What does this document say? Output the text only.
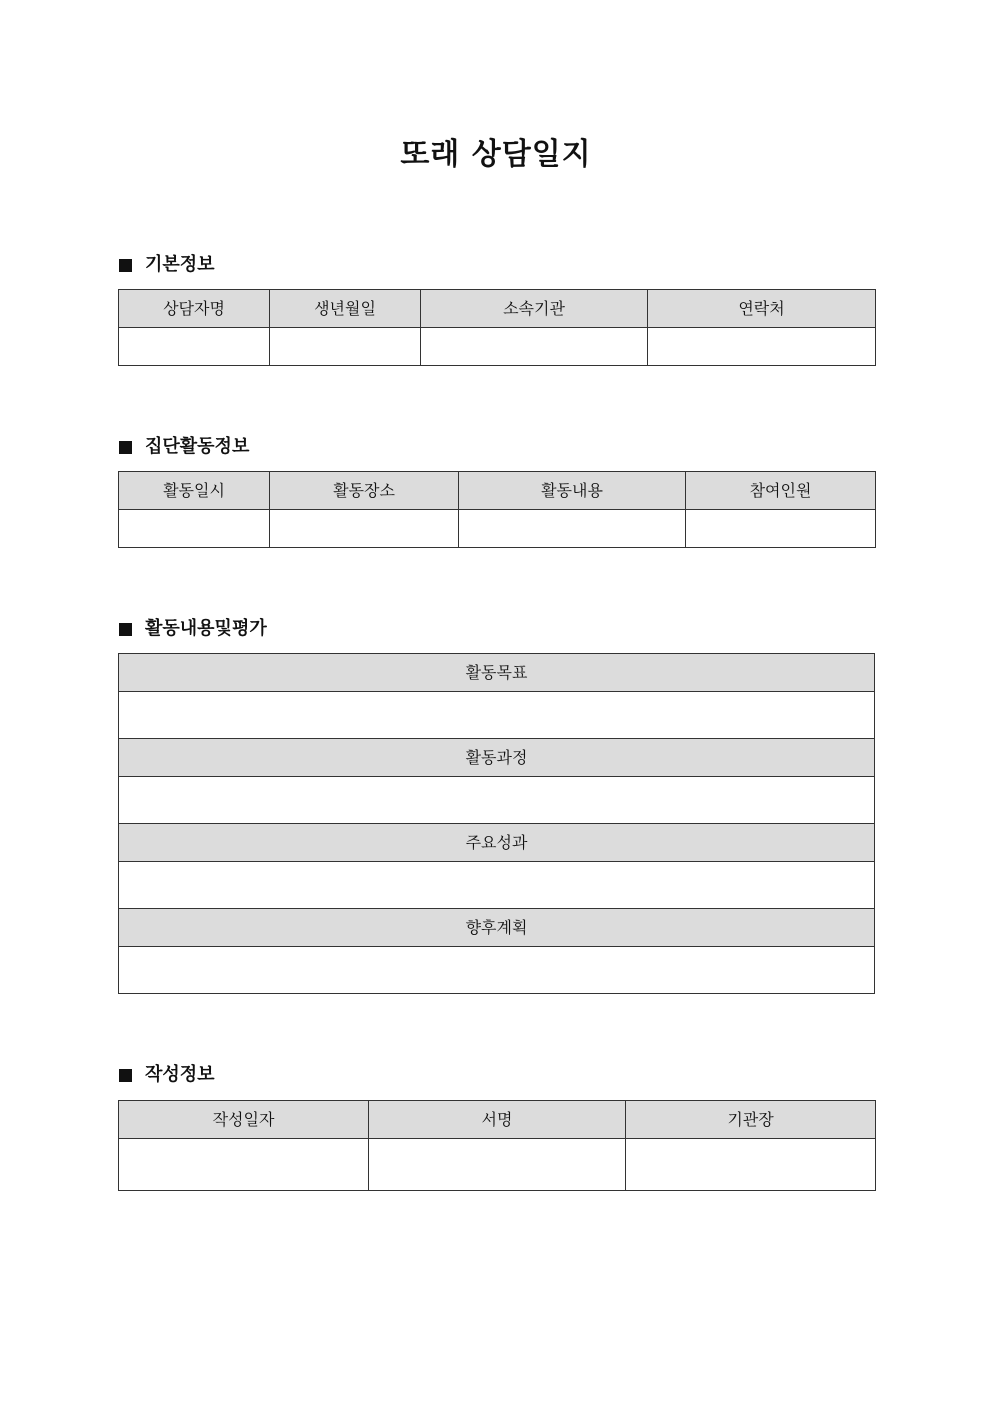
또래 상담일지
기본정보
상담자명	생년월일	소속기관	연락처

집단활동정보
활동일시	활동장소	활동내용	참여인원

활동내용및평가
활동목표

활동과정

주요성과

향후계획

작성정보
작성일자	서명	기관장
